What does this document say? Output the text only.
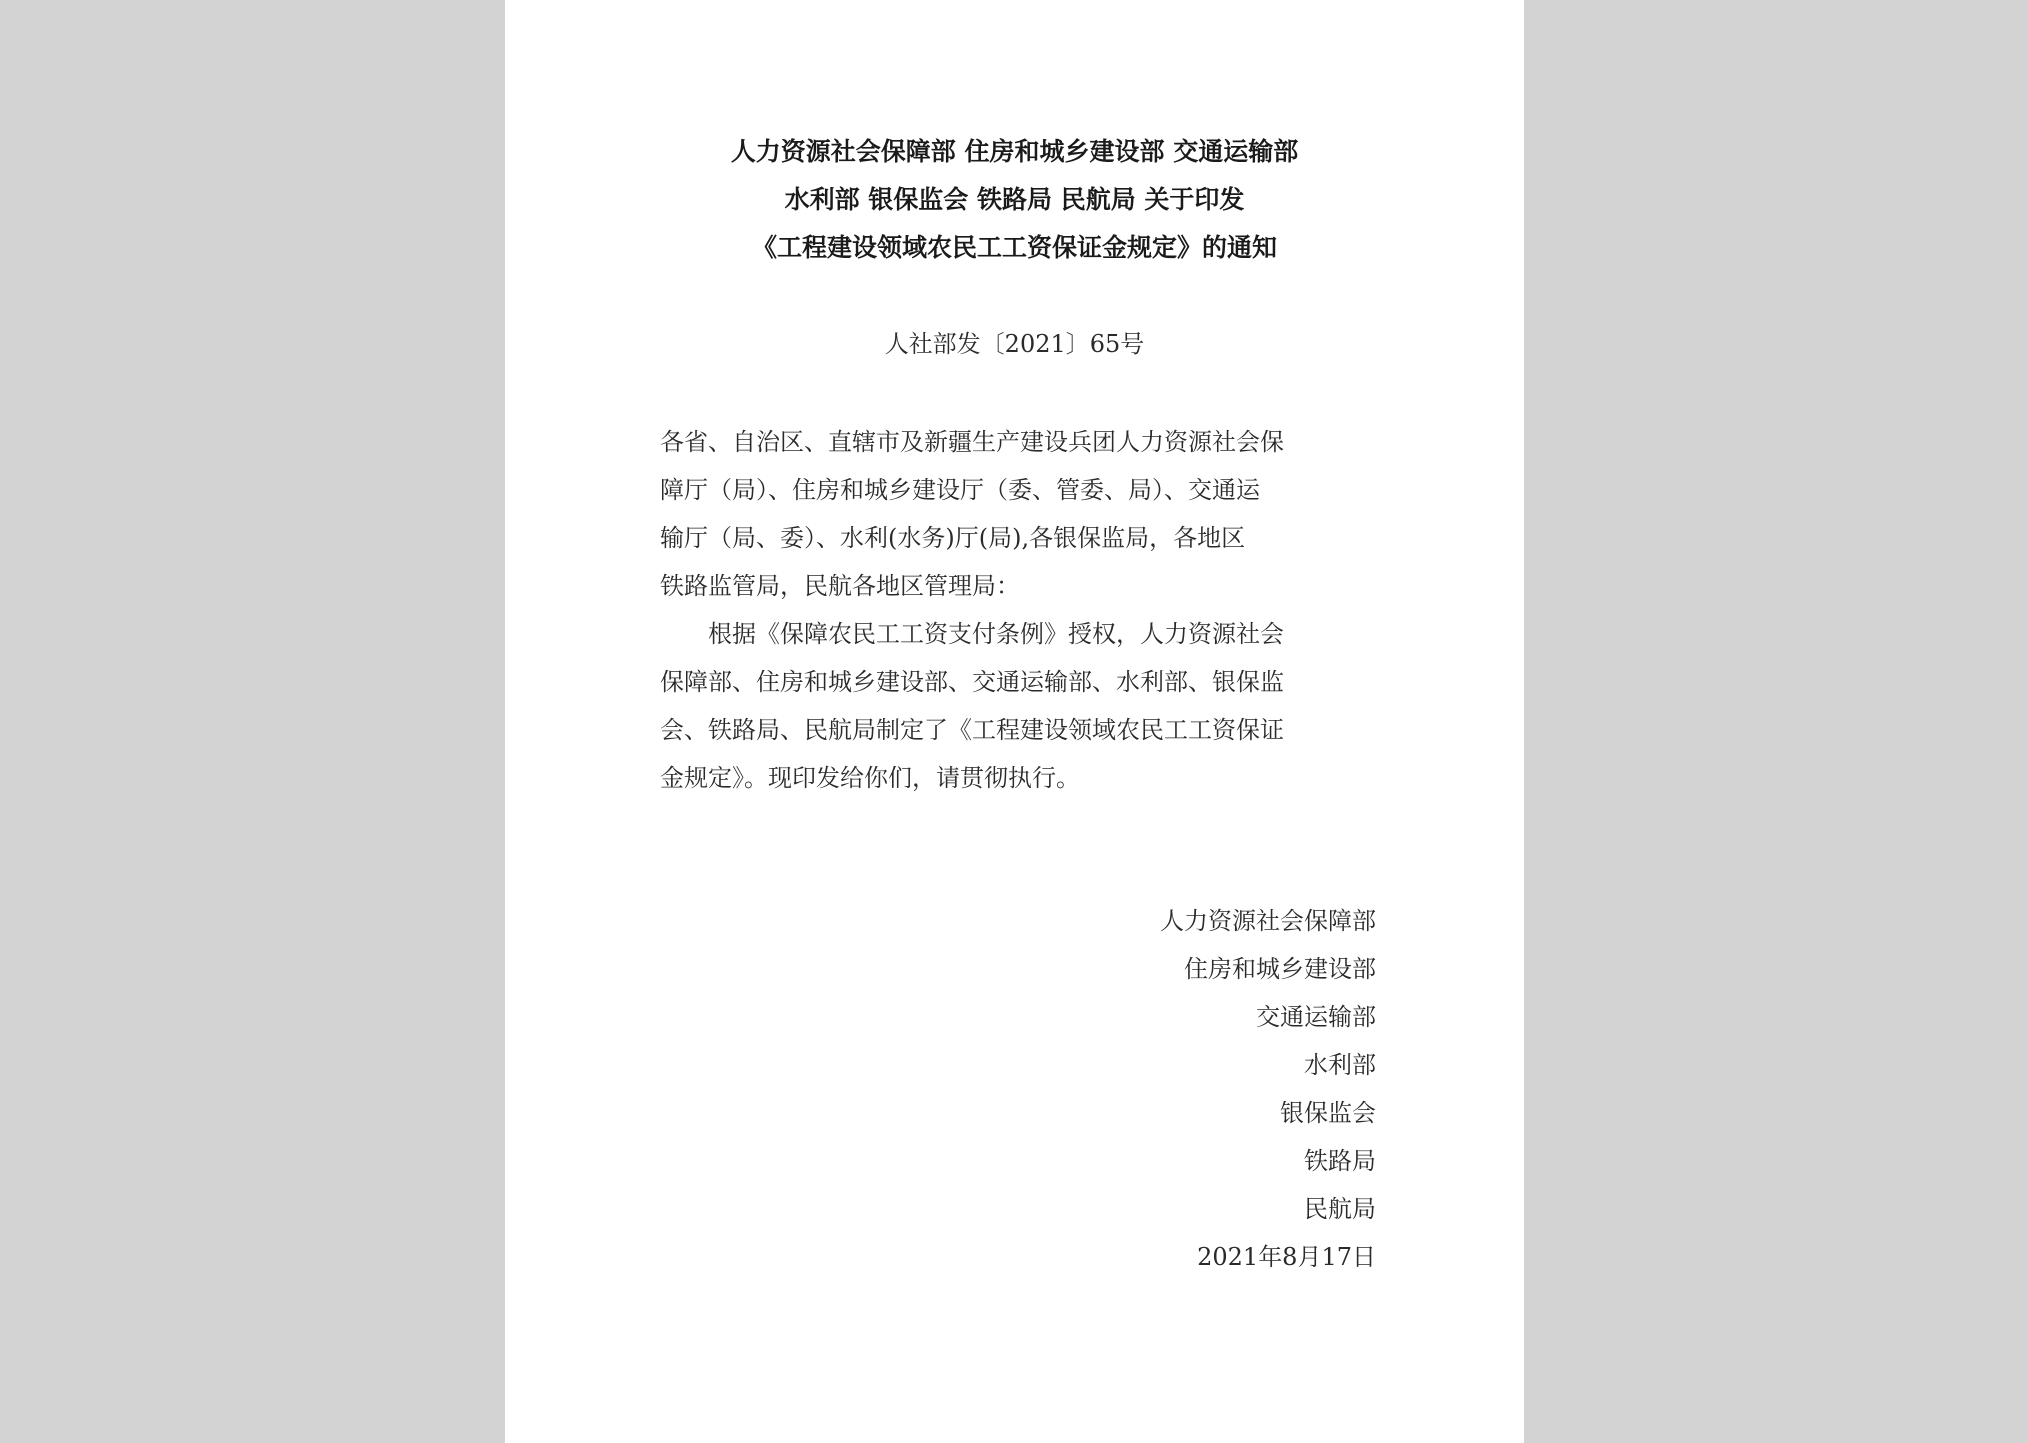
人力资源社会保障部 住房和城乡建设部 交通运输部
水利部 银保监会 铁路局 民航局 关于印发
《工程建设领域农民工工资保证金规定》的通知
人社部发〔2021〕65号
各省、自治区、直辖市及新疆生产建设兵团人力资源社会保
障厅（局）、住房和城乡建设厅（委、管委、局）、交通运
输厅（局、委）、水利(水务)厅(局),各银保监局，各地区
铁路监管局，民航各地区管理局：
　　根据《保障农民工工资支付条例》授权，人力资源社会
保障部、住房和城乡建设部、交通运输部、水利部、银保监
会、铁路局、民航局制定了《工程建设领域农民工工资保证
金规定》。现印发给你们，请贯彻执行。
人力资源社会保障部
住房和城乡建设部
交通运输部
水利部
银保监会
铁路局
民航局
2021年8月17日
